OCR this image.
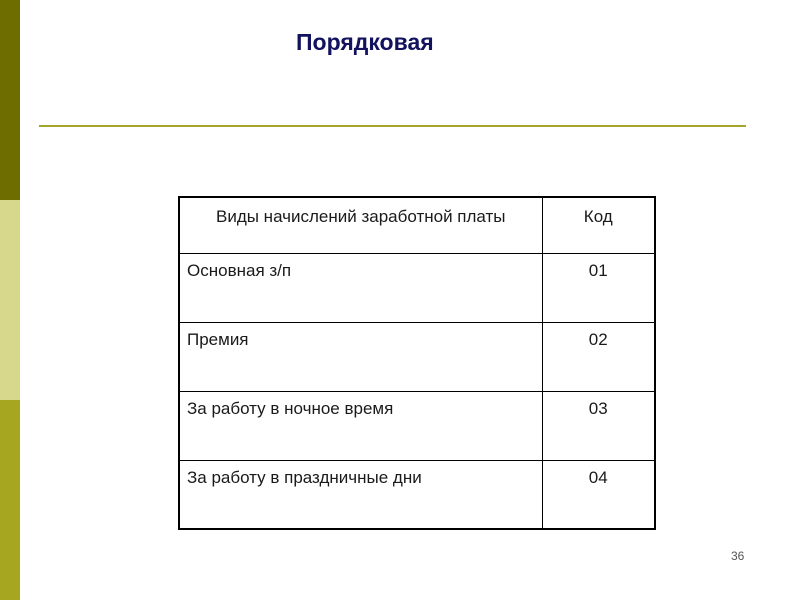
Порядковая
Виды начислений заработной платы	Код
Основная з/п	01
Премия	02
За работу в ночное время	03
За работу в праздничные дни	04
36
